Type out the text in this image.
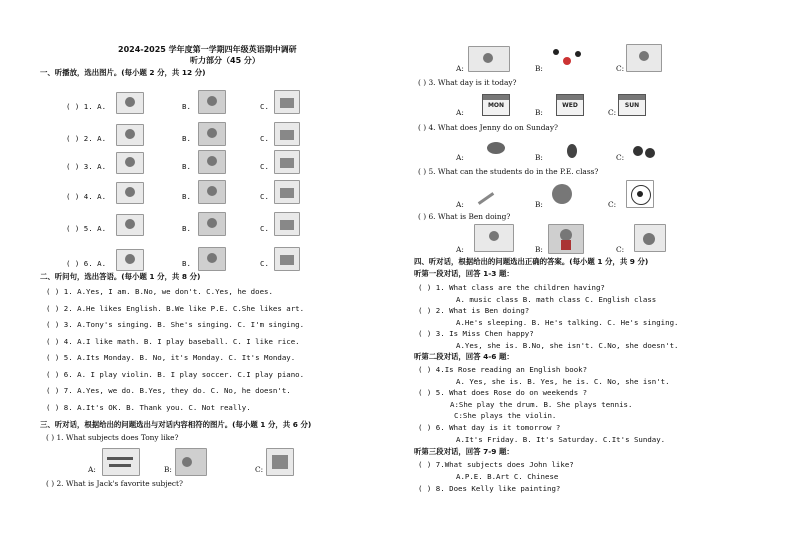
2024-2025 学年度第一学期四年级英语期中调研
听力部分（45 分）
一、听播放，选出图片。(每小题 2 分，共 12 分)
( ) 1. A.	B.	C.
( ) 2. A.	B.	C.
( ) 3. A.	B.	C.
( ) 4. A.	B.	C.
( ) 5. A.	B.	C.
( ) 6. A.	B.	C.
二、听问句，选出答语。(每小题 1 分，共 8 分)
( ) 1. A.Yes, I am. B.No, we don't. C.Yes, he does.
( ) 2. A.He likes English. B.We like P.E. C.She likes art.
( ) 3. A.Tony's singing. B. She's singing. C. I'm singing.
( ) 4. A.I like math. B. I play baseball. C. I like rice.
( ) 5. A.Its Monday. B. No, it's Monday. C. It's Monday.
( ) 6. A. I play violin. B. I play soccer. C.I play piano.
( ) 7. A.Yes, we do. B.Yes, they do. C. No, he doesn't.
( ) 8. A.It's OK. B. Thank you. C. Not really.
三、听对话，根据给出的问题选出与对话内容相符的图片。(每小题 1 分，共 6 分)
( ) 1. What subjects does Tony like?
A:	B:	C:
( ) 2. What is Jack's favorite subject?
A:	B:	C:
( ) 3. What day is it today?
A:
MON
B:
WED
C:
SUN
( ) 4. What does Jenny do on Sunday?
A:	B:	C:
( ) 5. What can the students do in the P.E. class?
A:	B:	C:
( ) 6. What is Ben doing?
A:	B:	C:
四、听对话，根据给出的问题选出正确的答案。(每小题 1 分，共 9 分)
听第一段对话，回答 1-3 题：
( ) 1. What class are the children having?
A. music class B. math class C. English class
( ) 2. What is Ben doing?
A.He's sleeping. B. He's talking. C. He's singing.
( ) 3. Is Miss Chen happy?
A.Yes, she is. B.No, she isn't. C.No, she doesn't.
听第二段对话，回答 4-6 题：
( ) 4.Is Rose reading an English book?
A. Yes, she is. B. Yes, he is. C. No, she isn't.
( ) 5. What does Rose do on weekends ?
A:She play the drum. B. She plays tennis.
C:She plays the violin.
( ) 6. What day is it tomorrow ?
A.It's Friday. B. It's Saturday. C.It's Sunday.
听第三段对话，回答 7-9 题：
( ) 7.What subjects does John like?
A.P.E. B.Art C. Chinese
( ) 8. Does Kelly like painting?
